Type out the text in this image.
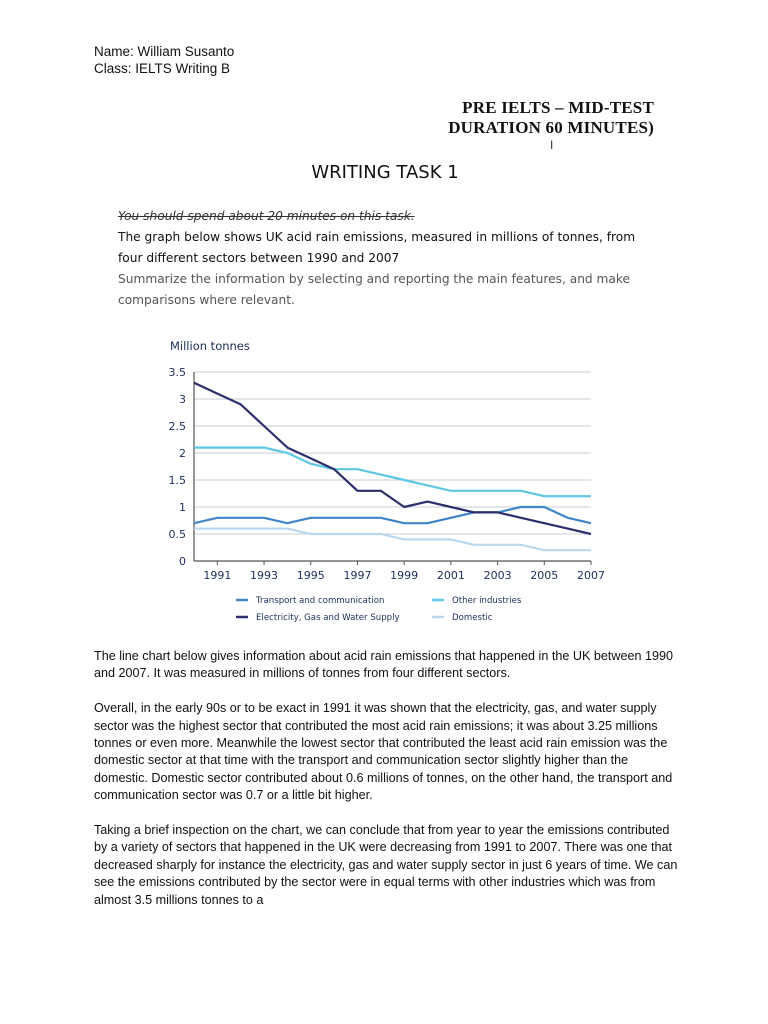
Name: William Susanto
Class: IELTS Writing B
PRE IELTS – MID-TEST
DURATION 60 MINUTES)
I
WRITING TASK 1
You should spend about 20 minutes on this task.
The graph below shows UK acid rain emissions, measured in millions of tonnes, from four different sectors between 1990 and 2007
Summarize the information by selecting and reporting the main features, and make comparisons where relevant.
Million tonnes
0
0.5
1
1.5
2
2.5
3
3.5
1991 1993 1995 1997 1999 2001 2003 2005 2007
Transport and communication	Other industries
Electricity, Gas and Water Supply	Domestic

The line chart below gives information about acid rain emissions that happened in the UK between 1990 and 2007. It was measured in millions of tonnes from four different sectors.

Overall, in the early 90s or to be exact in 1991 it was shown that the electricity, gas, and water supply sector was the highest sector that contributed the most acid rain emissions; it was about 3.25 millions tonnes or even more. Meanwhile the lowest sector that contributed the least acid rain emission was the domestic sector at that time with the transport and communication sector slightly higher than the domestic. Domestic sector contributed about 0.6 millions of tonnes, on the other hand, the transport and communication sector was 0.7 or a little bit higher.

Taking a brief inspection on the chart, we can conclude that from year to year the emissions contributed by a variety of sectors that happened in the UK were decreasing from 1991 to 2007. There was one that decreased sharply for instance the electricity, gas and water supply sector in just 6 years of time. We can see the emissions contributed by the sector were in equal terms with other industries which was from almost 3.5 millions tonnes to a
